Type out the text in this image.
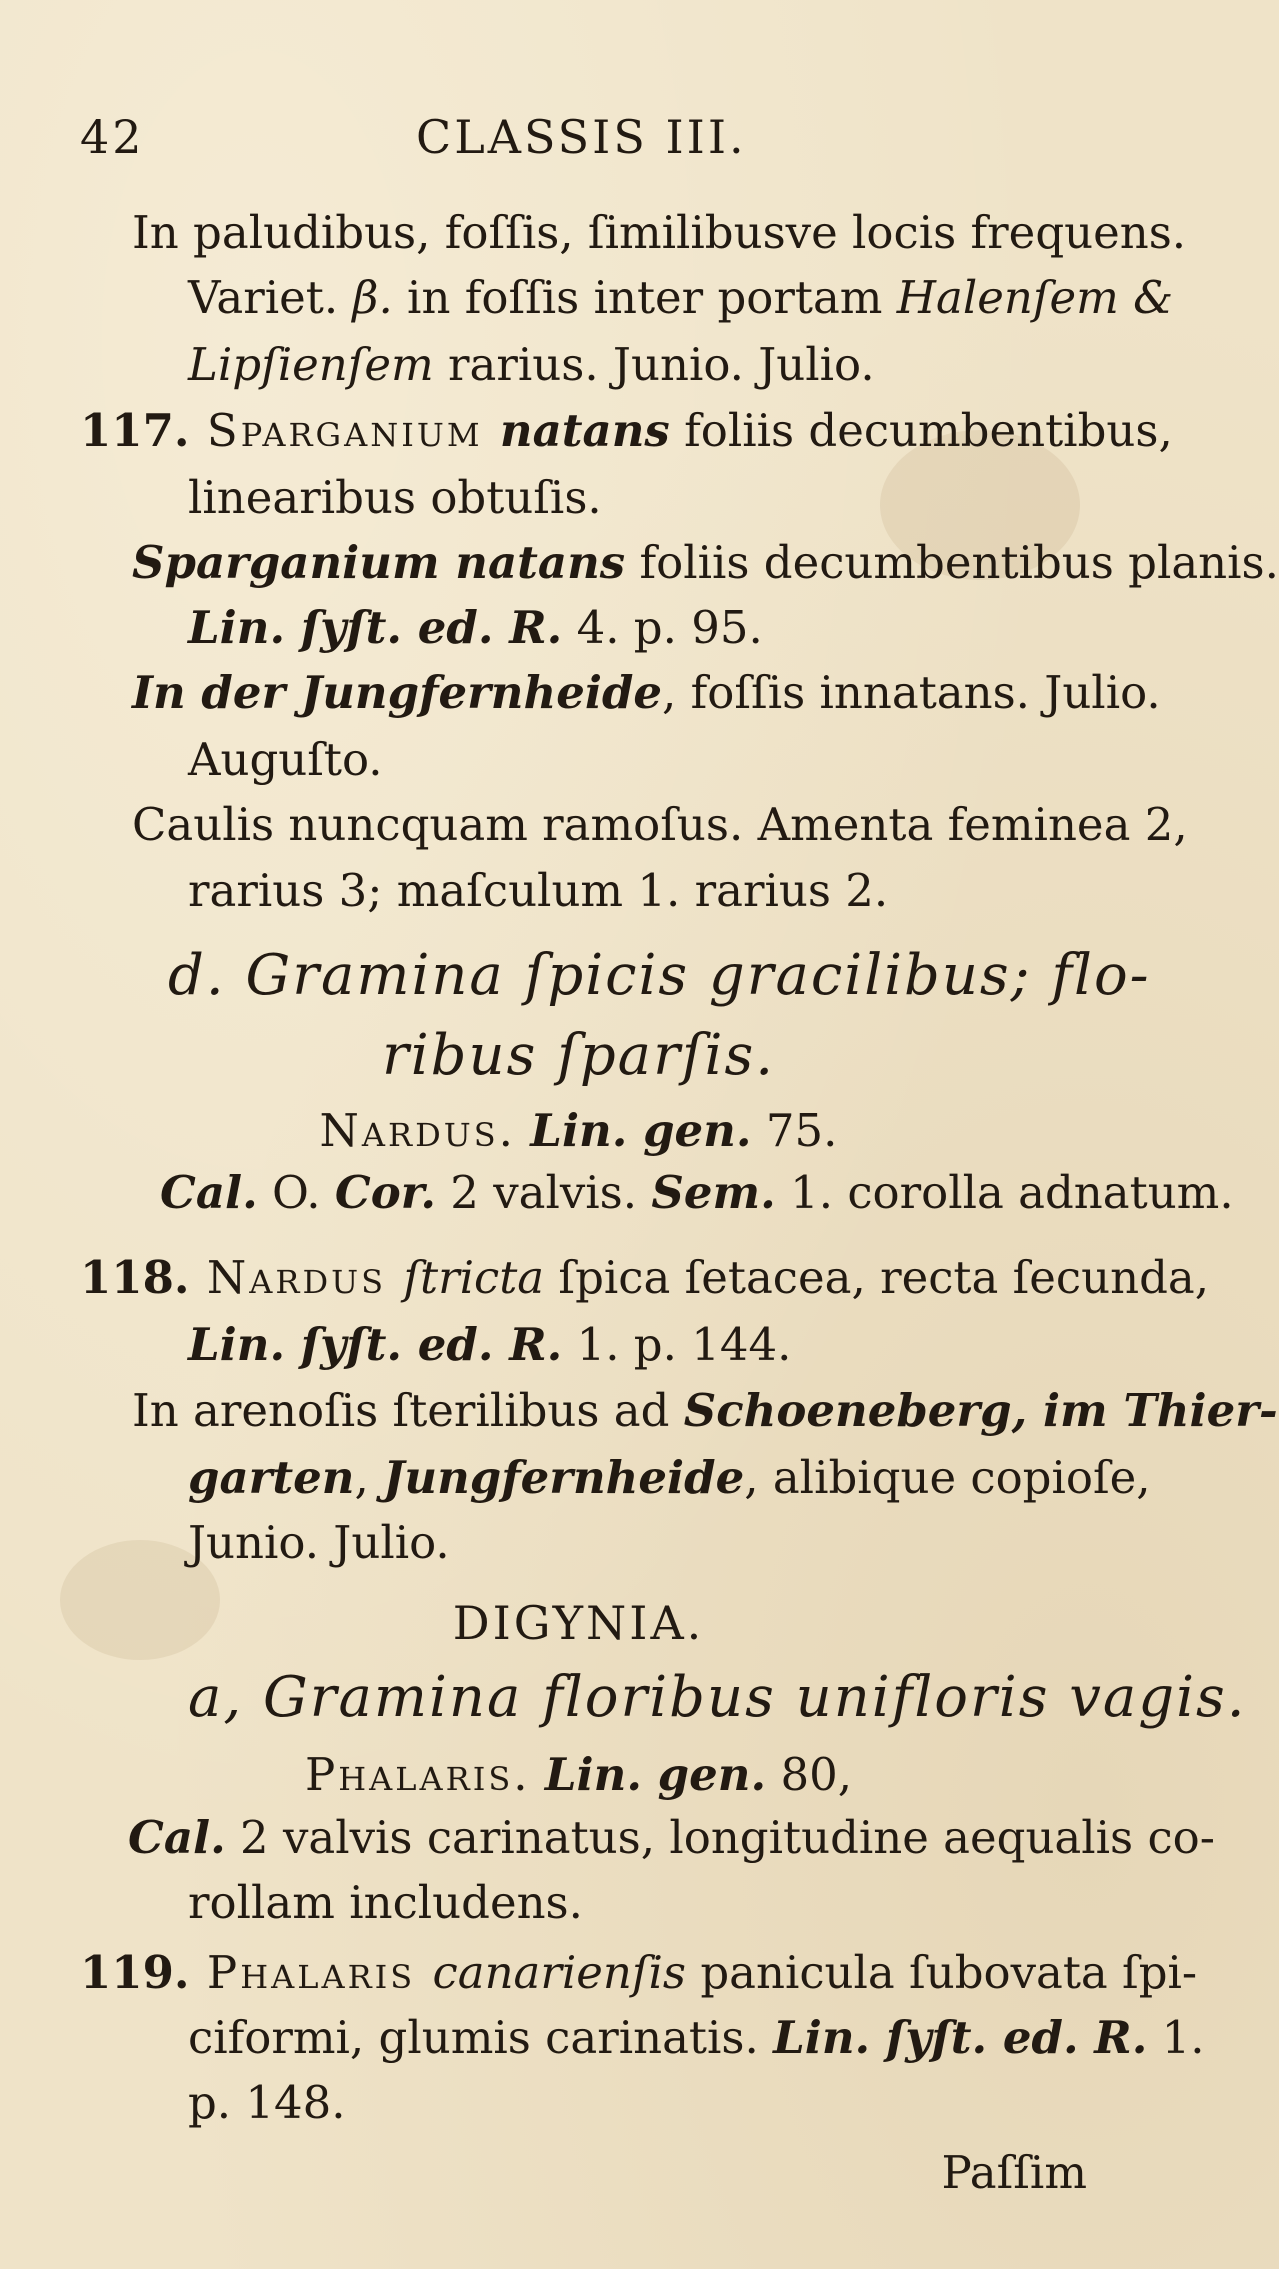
42	CLASSIS III.
In paludibus, foſſis, ſimilibusve locis frequens.
Variet. β. in foſſis inter portam Halenſem &
Lipſienſem rarius. Junio. Julio.
117. Sparganium natans foliis decumbentibus,
linearibus obtuſis.
Sparganium natans foliis decumbentibus planis.
Lin. ſyſt. ed. R. 4. p. 95.
In der Jungfernheide, foſſis innatans. Julio.
Auguſto.
Caulis nuncquam ramoſus. Amenta feminea 2,
rarius 3; maſculum 1. rarius 2.
d. Gramina ſpicis gracilibus; flo-
ribus ſparſis.
Nardus. Lin. gen. 75.
Cal. O. Cor. 2 valvis. Sem. 1. corolla adnatum.
118. Nardus ſtricta ſpica ſetacea, recta ſecunda,
Lin. ſyſt. ed. R. 1. p. 144.
In arenoſis ſterilibus ad Schoeneberg, im Thier-
garten, Jungfernheide, alibique copioſe,
Junio. Julio.
DIGYNIA.
a, Gramina floribus unifloris vagis.
Phalaris. Lin. gen. 80,
Cal. 2 valvis carinatus, longitudine aequalis co-
rollam includens.
119. Phalaris canarienſis panicula ſubovata ſpi-
ciformi, glumis carinatis. Lin. ſyſt. ed. R. 1.
p. 148.
Paſſim
